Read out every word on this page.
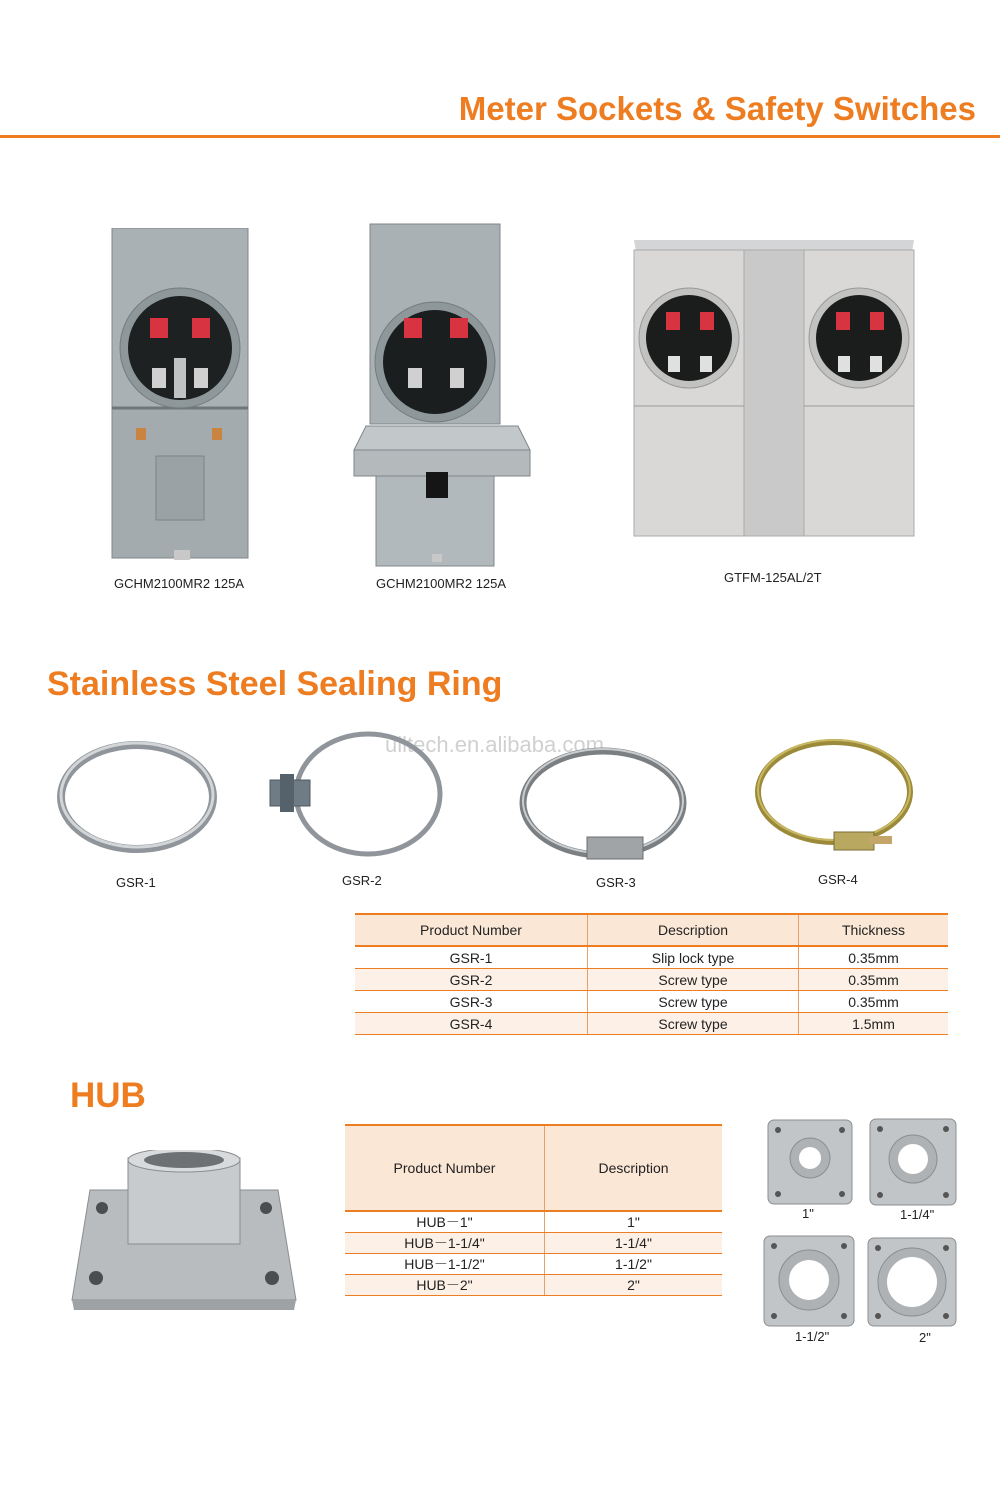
Meter Sockets & Safety Switches
GCHM2100MR2 125A	GCHM2100MR2 125A	GTFM-125AL/2T
Stainless Steel Sealing Ring
ulltech.en.alibaba.com
GSR-1	GSR-2	GSR-3	GSR-4
Product Number	Description	Thickness
GSR-1	Slip lock type	0.35mm
GSR-2	Screw type	0.35mm
GSR-3	Screw type	0.35mm
GSR-4	Screw type	1.5mm
HUB
Product Number	Description
HUB－1"	1"
HUB－1-1/4"	1-1/4"
HUB－1-1/2"	1-1/2"
HUB－2"	2"
1"	1-1/4"
1-1/2"	2"
